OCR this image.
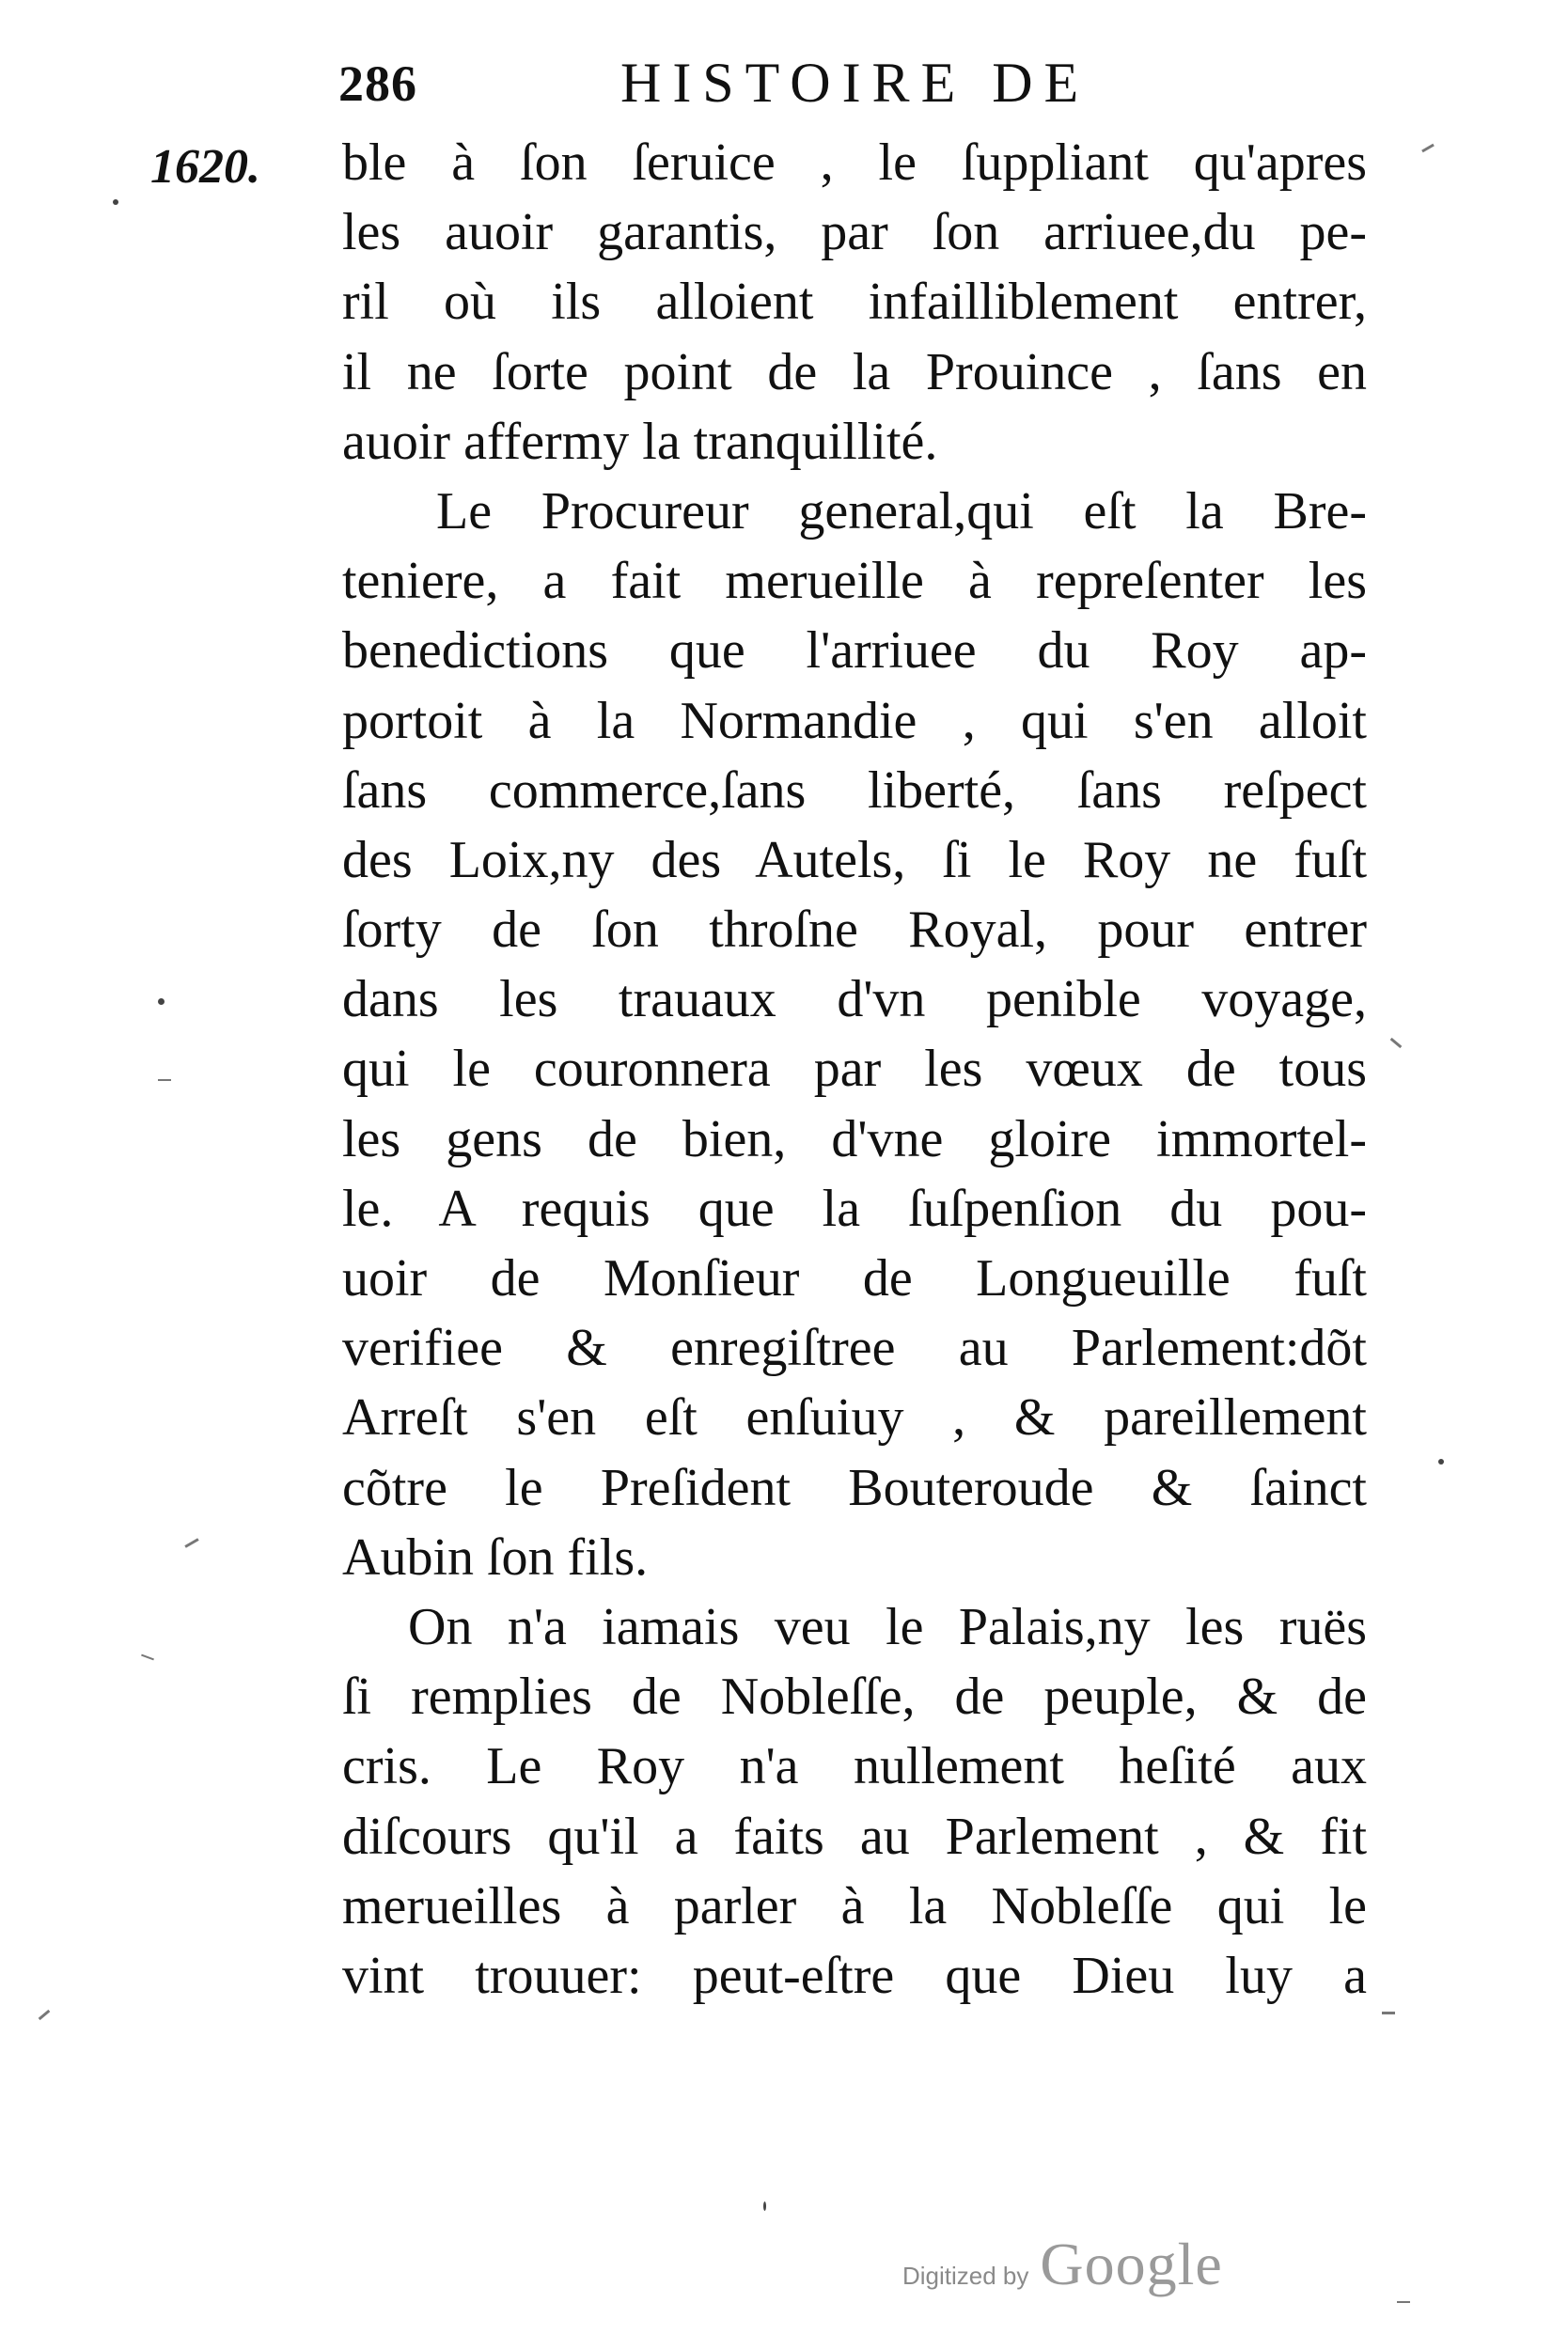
286	HISTOIRE DE
1620. ble à ſon ſeruice , le ſuppliant qu'apres
les auoir garantis, par ſon arriuee,du pe-
ril où ils alloient infailliblement entrer,
il ne ſorte point de la Prouince , ſans en
auoir affermy la tranquillité.
Le Procureur general,qui eſt la Bre-
teniere, a fait merueille à repreſenter les
benedictions que l'arriuee du Roy ap-
portoit à la Normandie , qui s'en alloit
ſans commerce,ſans liberté, ſans reſpect
des Loix,ny des Autels, ſi le Roy ne fuſt
ſorty de ſon throſne Royal, pour entrer
dans les trauaux d'vn penible voyage,
qui le couronnera par les vœux de tous
les gens de bien, d'vne gloire immortel-
le. A requis que la ſuſpenſion du pou-
uoir de Monſieur de Longueuille fuſt
verifiee & enregiſtree au Parlement:dõt
Arreſt s'en eſt enſuiuy , & pareillement
cõtre le Preſident Bouteroude & ſainct
Aubin ſon fils.
On n'a iamais veu le Palais,ny les ruës
ſi remplies de Nobleſſe, de peuple, & de
cris. Le Roy n'a nullement heſité aux
diſcours qu'il a faits au Parlement , & fit
merueilles à parler à la Nobleſſe qui le
vint trouuer: peut-eſtre que Dieu luy a
Digitized by Google
